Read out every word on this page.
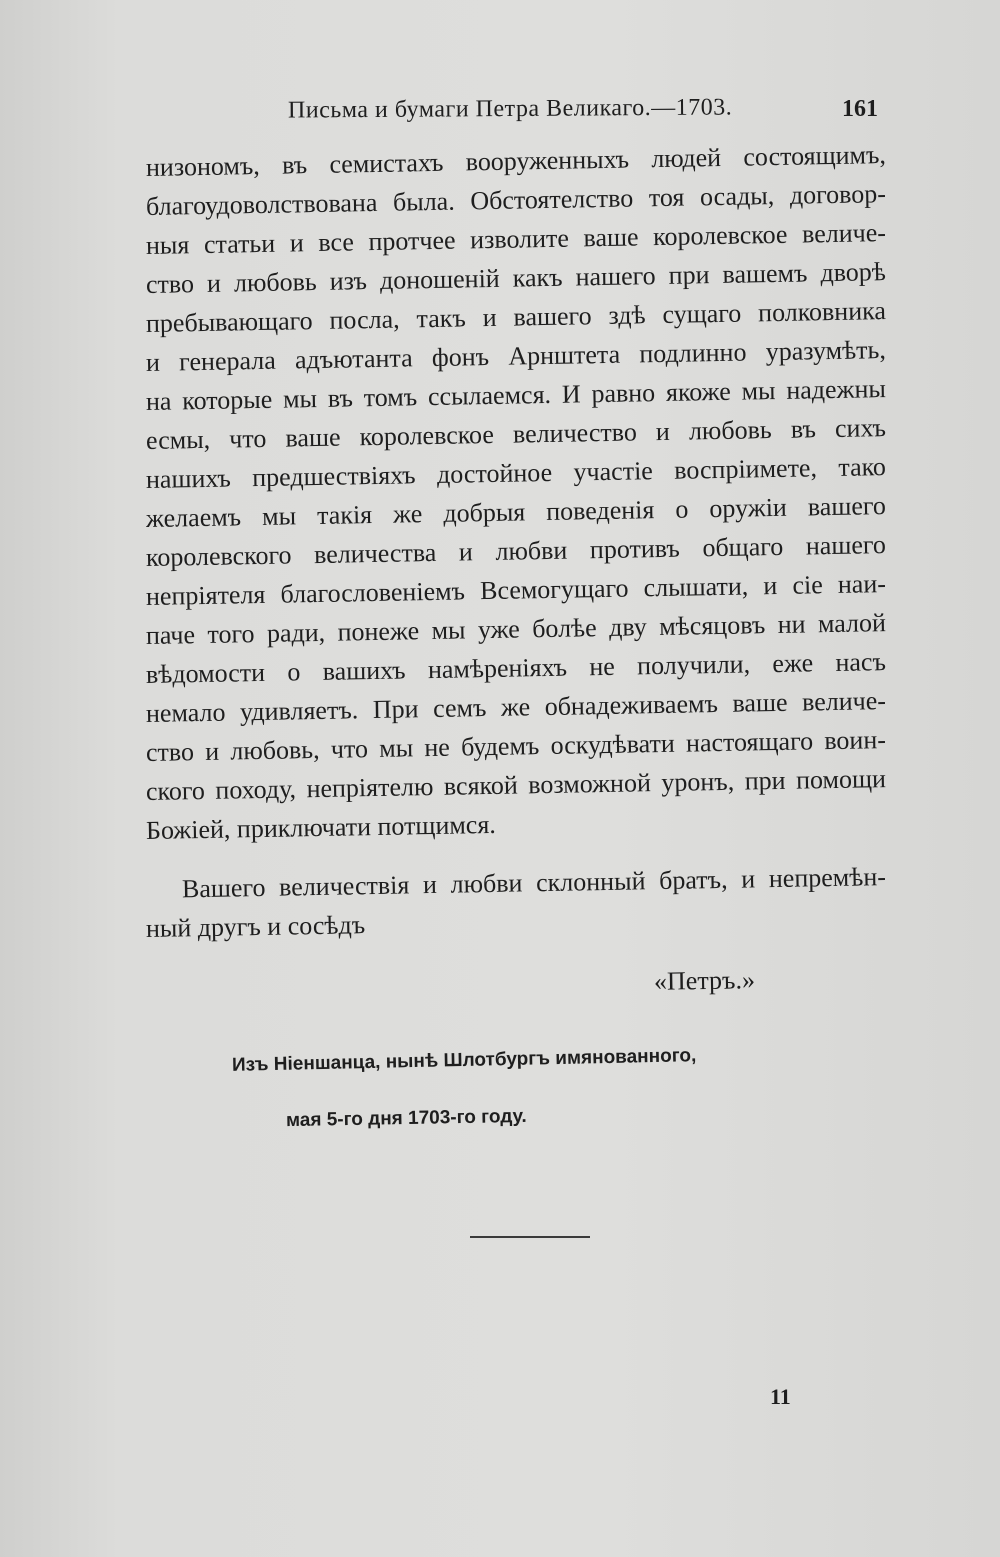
Письма и бумаги Петра Великаго.—1703.	161
низономъ, въ семистахъ вооруженныхъ людей состоящимъ,
благоудоволствована была. Обстоятелство тоя осады, договор-
ныя статьи и все протчее изволите ваше королевское величе-
ство и любовь изъ доношеній какъ нашего при вашемъ дворѣ
пребывающаго посла, такъ и вашего здѣ сущаго полковника
и генерала адъютанта фонъ Арнштета подлинно уразумѣть,
на которые мы въ томъ ссылаемся. И равно якоже мы надежны
есмы, что ваше королевское величество и любовь въ сихъ
нашихъ предшествіяхъ достойное участіе воспріимете, тако
желаемъ мы такія же добрыя поведенія о оружіи вашего
королевского величества и любви противъ общаго нашего
непріятеля благословеніемъ Всемогущаго слышати, и сіе наи-
паче того ради, понеже мы уже болѣе дву мѣсяцовъ ни малой
вѣдомости о вашихъ намѣреніяхъ не получили, еже насъ
немало удивляетъ. При семъ же обнадеживаемъ ваше величе-
ство и любовь, что мы не будемъ оскудѣвати настоящаго воин-
ского походу, непріятелю всякой возможной уронъ, при помощи
Божіей, приключати потщимся.
Вашего величествія и любви склонный братъ, и непремѣн-
ный другъ и сосѣдъ
«Петръ.»
Изъ Ніеншанца, нынѣ Шлотбургъ имянованного,
мая 5-го дня 1703-го году.
11
